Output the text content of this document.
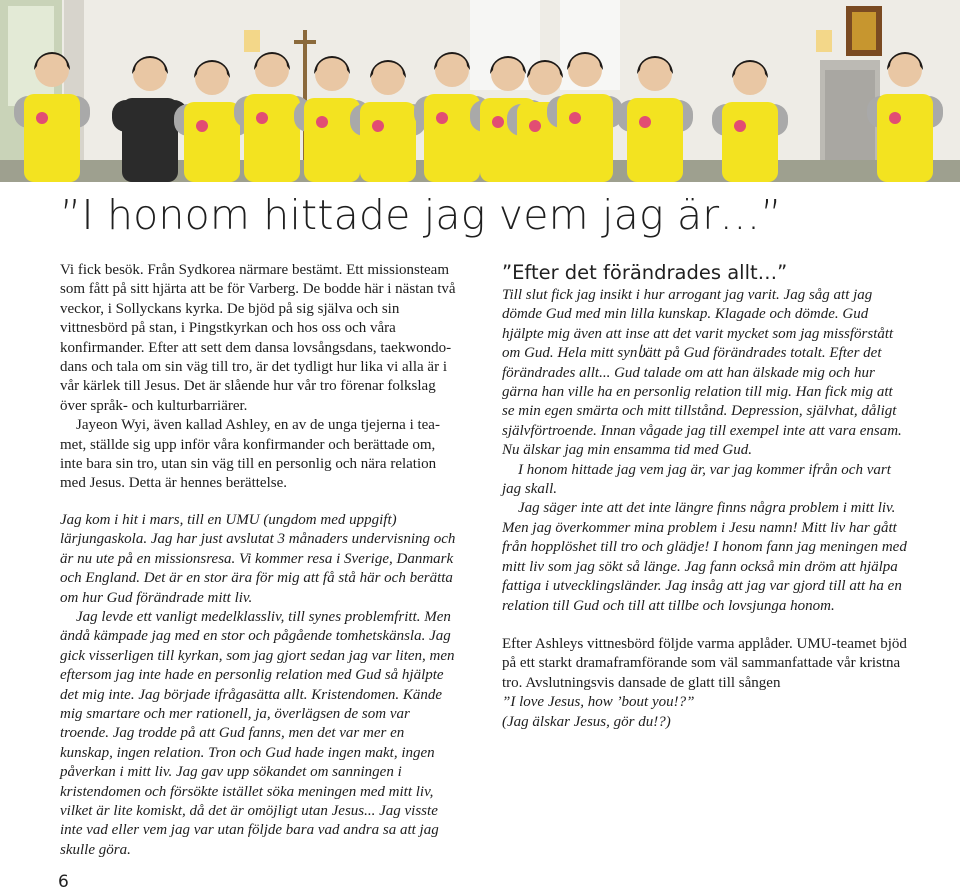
”I honom hittade jag vem jag är…”

Vi fick besök. Från Sydkorea närmare bestämt. Ett missionsteam som fått på sitt hjärta att be för Varberg. De bodde här i nästan två veckor, i Sollyckans kyrka. De bjöd på sig själva och sin vittnesbörd på stan, i Pingstkyrkan och hos oss och våra konfirmander. Efter att sett dem dansa lovsångsdans, taekwondo-dans och tala om sin väg till tro, är det tydligt hur lika vi alla är i vår kärlek till Jesus. Det är slående hur vår tro förenar folkslag över språk- och kulturbarriärer.

Jayeon Wyi, även kallad Ashley, en av de unga tjejerna i teamet, ställde sig upp inför våra konfirmander och berättade om, inte bara sin tro, utan sin väg till en personlig och nära relation med Jesus. Detta är hennes berättelse.

Jag kom i hit i mars, till en UMU (ungdom med uppgift) lärjungaskola. Jag har just avslutat 3 månaders undervisning och är nu ute på en missionsresa. Vi kommer resa i Sverige, Danmark och England. Det är en stor ära för mig att få stå här och berätta om hur Gud förändrade mitt liv.

Jag levde ett vanligt medelklassliv, till synes problemfritt. Men ändå kämpade jag med en stor och pågående tomhetskänsla. Jag gick visserligen till kyrkan, som jag gjort sedan jag var liten, men eftersom jag inte hade en personlig relation med Gud så hjälpte det mig inte. Jag började ifrågasätta allt. Kristendomen. Kände mig smartare och mer rationell, ja, överlägsen de som var troende. Jag trodde på att Gud fanns, men det var mer en kunskap, ingen relation. Tron och Gud hade ingen makt, ingen påverkan i mitt liv. Jag gav upp sökandet om sanningen i kristendomen och försökte istället söka meningen med mitt liv, vilket är lite komiskt, då det är omöjligt utan Jesus... Jag visste inte vad eller vem jag var utan följde bara vad andra sa att jag skulle göra.

”Efter det förändrades allt…”

Till slut fick jag insikt i hur arrogant jag varit. Jag såg att jag dömde Gud med min lilla kunskap. Klagade och dömde. Gud hjälpte mig även att inse att det varit mycket som jag missförstått om Gud. Hela mitt synსätt på Gud förändrades totalt. Efter det förändrades allt... Gud talade om att han älskade mig och hur gärna han ville ha en personlig relation till mig. Han fick mig att se min egen smärta och mitt tillstånd. Depression, självhat, dåligt självförtroende. Innan vågade jag till exempel inte att vara ensam. Nu älskar jag min ensamma tid med Gud.

I honom hittade jag vem jag är, var jag kommer ifrån och vart jag skall.

Jag säger inte att det inte längre finns några problem i mitt liv. Men jag överkommer mina problem i Jesu namn! Mitt liv har gått från hopplöshet till tro och glädje! I honom fann jag meningen med mitt liv som jag sökt så länge. Jag fann också min dröm att hjälpa fattiga i utvecklingsländer. Jag insåg att jag var gjord till att ha en relation till Gud och till att tillbe och lovsjunga honom.

Efter Ashleys vittnesbörd följde varma applåder. UMU-teamet bjöd på ett starkt dramaframförande som väl sammanfattade vår kristna tro. Avslutningsvis dansade de glatt till sången

”I love Jesus, how ’bout you!?”

(Jag älskar Jesus, gör du!?)

6
